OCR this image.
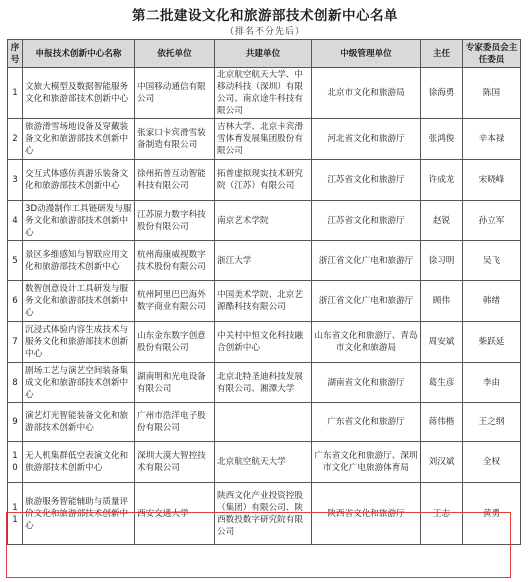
第二批建设文化和旅游部技术创新中心名单
（排名不分先后）
序号	申报技术创新中心名称	依托单位	共建单位	中级管理单位	主任	专家委员会主任委员
1	文旅大模型及数据智能服务文化和旅游部技术创新中心	中国移动通信有限公司	北京航空航天大学、中移动科技（深圳）有限公司、南京途牛科技有限公司	北京市文化和旅游局	徐海勇	陈国
2	旅游滑雪场地设备及穿戴装备文化和旅游部技术创新中心	张家口卡宾滑雪装备制造有限公司	吉林大学、北京卡宾滑雪体育发展集团股份有限公司	河北省文化和旅游厅	张鸿俊	辛本禄
3	交互式体感仿真游乐装备文化和旅游部技术创新中心	徐州拓普互动智能科技有限公司	拓普虚拟现实技术研究院（江苏）有限公司	江苏省文化和旅游厅	许成龙	宋晓峰
4	3D动漫制作工具链研发与服务文化和旅游部技术创新中心	江苏原力数字科技股份有限公司	南京艺术学院	江苏省文化和旅游厅	赵锐	孙立军
5	景区多维感知与智联应用文化和旅游部技术创新中心	杭州海康威视数字技术股份有限公司	浙江大学	浙江省文化广电和旅游厅	徐习明	吴飞
6	数智创意设计工具研发与服务文化和旅游部技术创新中心	杭州阿里巴巴海外数字商业有限公司	中国美术学院、北京艺源酷科技有限公司	浙江省文化广电和旅游厅	顾伟	韩绪
7	沉浸式体验内容生成技术与服务文化和旅游部技术创新中心	山东金东数字创意股份有限公司	中关村中恒文化科技融合创新中心	山东省文化和旅游厅、青岛市文化和旅游局	周安斌	柴跃延
8	剧场工艺与演艺空间装备集成文化和旅游部技术创新中心	湖南明和光电设备有限公司	北京北特圣迪科技发展有限公司、湘潭大学	湖南省文化和旅游厅	葛生彦	李由
9	演艺灯光智能装备文化和旅游部技术创新中心	广州市浩洋电子股份有限公司		广东省文化和旅游厅	蒋伟楷	王之纲
10	无人机集群低空表演文化和旅游部技术创新中心	深圳大漠大智控技术有限公司	北京航空航天大学	广东省文化和旅游厅、深圳市文化广电旅游体育局	刘汉斌	全权
11	旅游服务智能辅助与质量评价文化和旅游部技术创新中心	西安交通大学	陕西文化产业投资控股（集团）有限公司、陕西数投数字研究院有限公司	陕西省文化和旅游厅	王志	黄勇
